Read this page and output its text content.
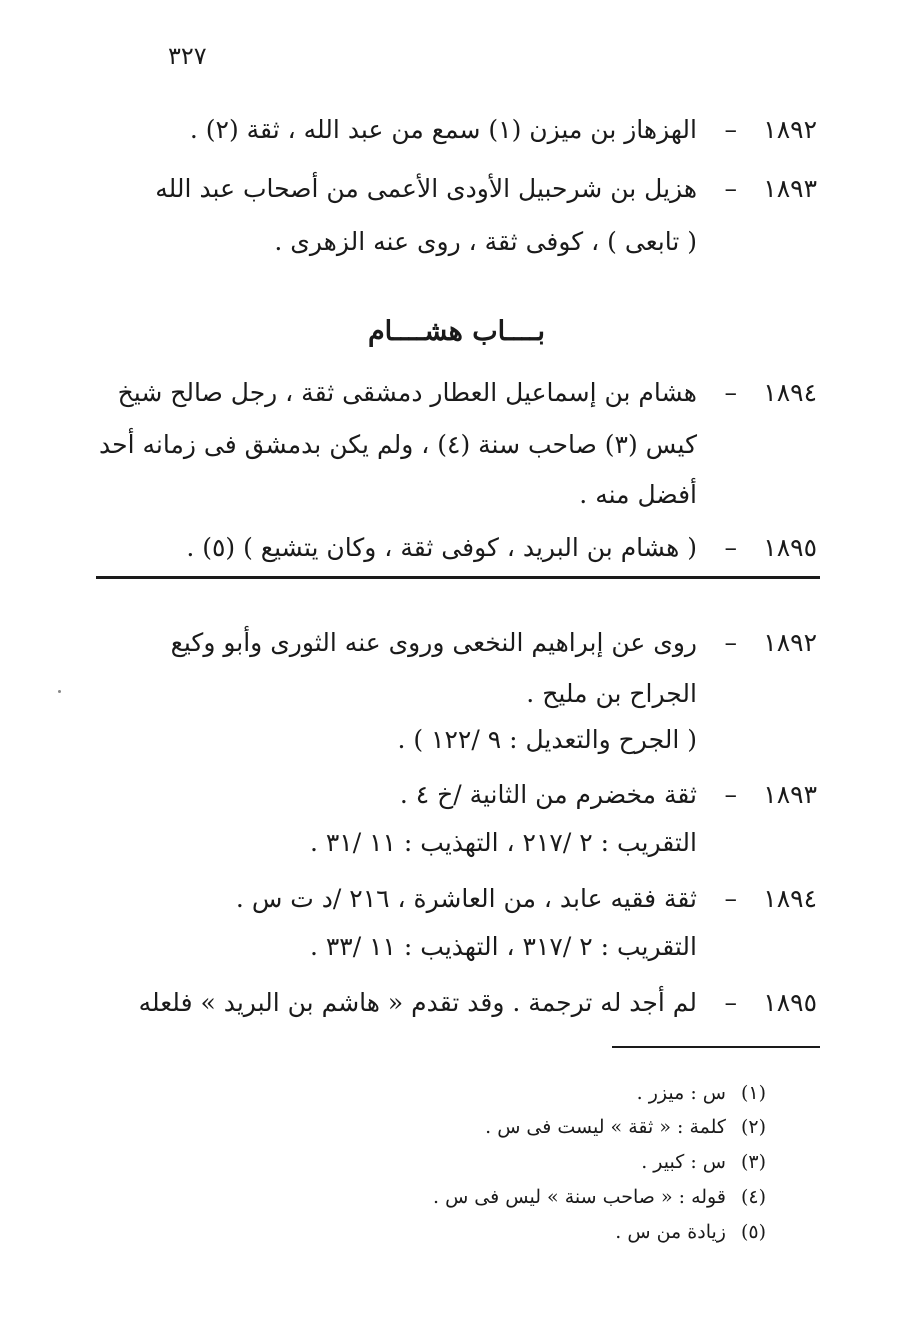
٣٢٧
١٨٩٢
–
الهزهاز بن ميزن (١) سمع من عبد الله ، ثقة (٢) .
١٨٩٣
–
هزيل بن شرحبيل الأودى الأعمى من أصحاب عبد الله
( تابعى ) ، كوفى ثقة ، روى عنه الزهرى .
بــــاب هشــــام
١٨٩٤
–
هشام بن إسماعيل العطار دمشقى ثقة ، رجل صالح شيخ
كيس (٣) صاحب سنة (٤) ، ولم يكن بدمشق فى زمانه أحد
أفضل منه .
١٨٩٥
–
( هشام بن البريد ، كوفى ثقة ، وكان يتشيع ) (٥) .
١٨٩٢
–
روى عن إبراهيم النخعى وروى عنه الثورى وأبو وكيع
الجراح بن مليح .
( الجرح والتعديل : ٩ /١٢٢ ) .
١٨٩٣
–
ثقة مخضرم من الثانية /خ ٤ .
التقريب : ٢ /٢١٧ ، التهذيب : ١١ /٣١ .
١٨٩٤
–
ثقة فقيه عابد ، من العاشرة ، ٢١٦ /د ت س .
التقريب : ٢ /٣١٧ ، التهذيب : ١١ /٣٣ .
١٨٩٥
–
لم أجد له ترجمة . وقد تقدم « هاشم بن البريد » فلعله
(١) س : ميزر .
(٢) كلمة : « ثقة » ليست فى س .
(٣) س : كبير .
(٤) قوله : « صاحب سنة » ليس فى س .
(٥) زيادة من س .
